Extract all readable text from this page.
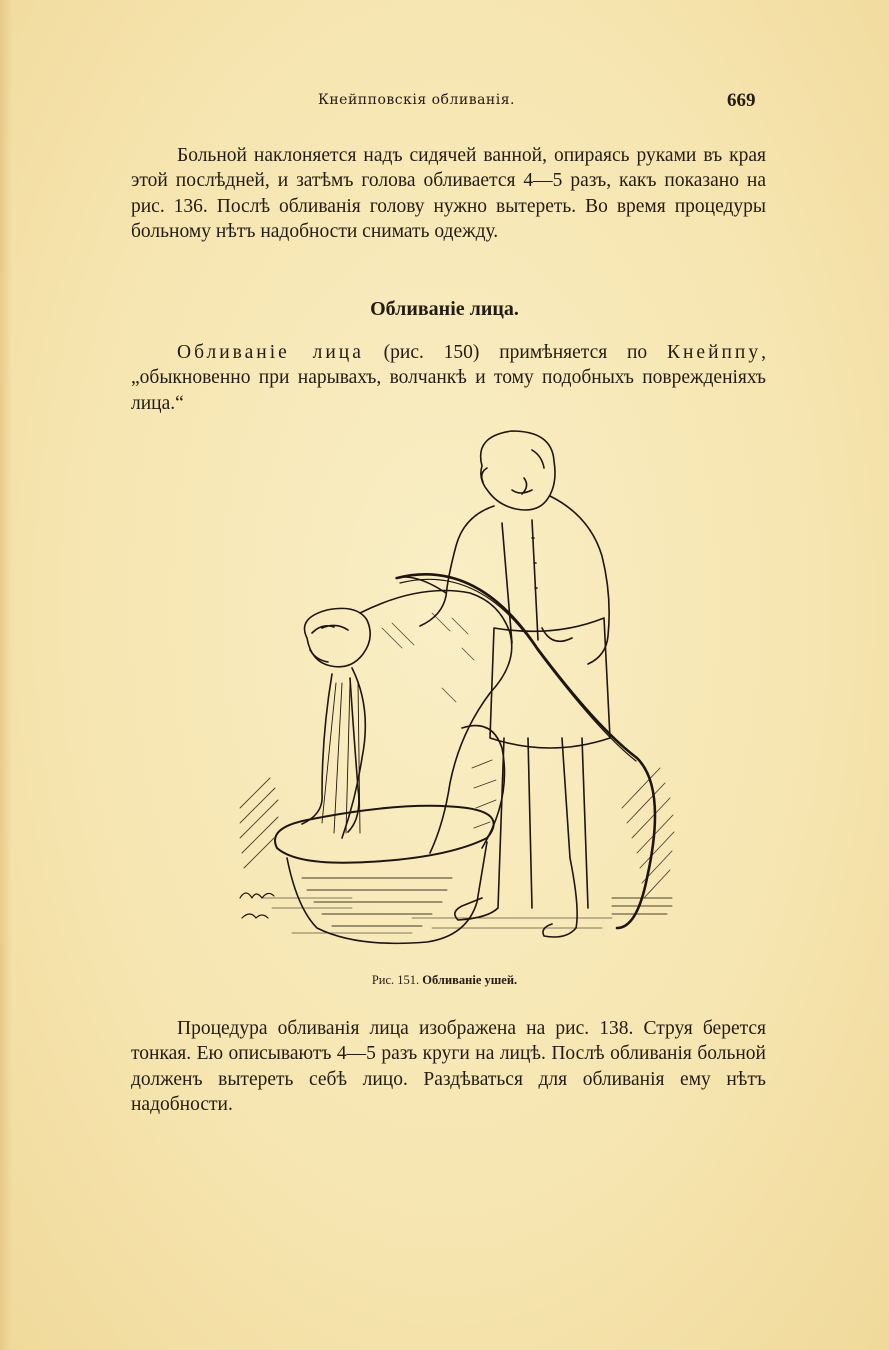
Кнейпповскія обливанія.	669

Больной наклоняется надъ сидячей ванной, опираясь руками въ края этой послѣдней, и затѣмъ голова обливается 4—5 разъ, какъ показано на рис. 136. Послѣ обливанія голову нужно вытереть. Во время процедуры больному нѣтъ надобности снимать одежду.

Обливаніе лица.

Обливаніе лица (рис. 150) примѣняется по Кнейппу, „обыкновенно при нарывахъ, волчанкѣ и тому подобныхъ поврежденіяхъ лица.“

Рис. 151. Обливаніе ушей.

Процедура обливанія лица изображена на рис. 138. Струя берется тонкая. Ею описываютъ 4—5 разъ круги на лицѣ. Послѣ обливанія больной долженъ вытереть себѣ лицо. Раздѣваться для обливанія ему нѣтъ надобности.
